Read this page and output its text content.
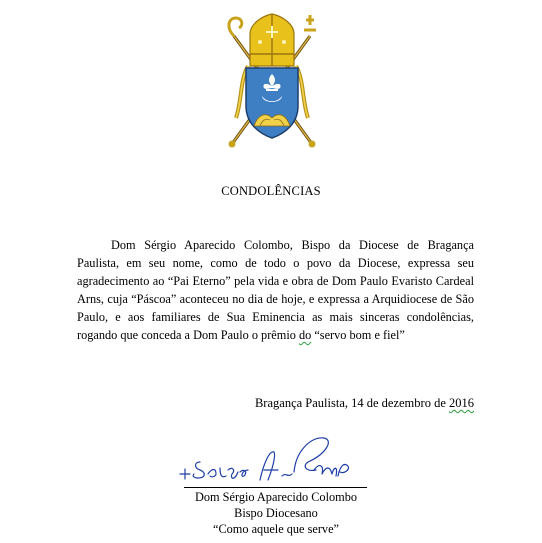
CONDOLÊNCIAS
Dom Sérgio Aparecido Colombo, Bispo da Diocese de Bragança Paulista, em seu nome, como de todo o povo da Diocese, expressa seu agradecimento ao “Pai Eterno” pela vida e obra de Dom Paulo Evaristo Cardeal Arns, cuja “Páscoa” aconteceu no dia de hoje, e expressa a Arquidiocese de São Paulo, e aos familiares de Sua Eminencia as mais sinceras condolências, rogando que conceda a Dom Paulo o prêmio do “servo bom e fiel”
Bragança Paulista, 14 de dezembro de 2016
Dom Sérgio Aparecido Colombo
Bispo Diocesano
“Como aquele que serve”
